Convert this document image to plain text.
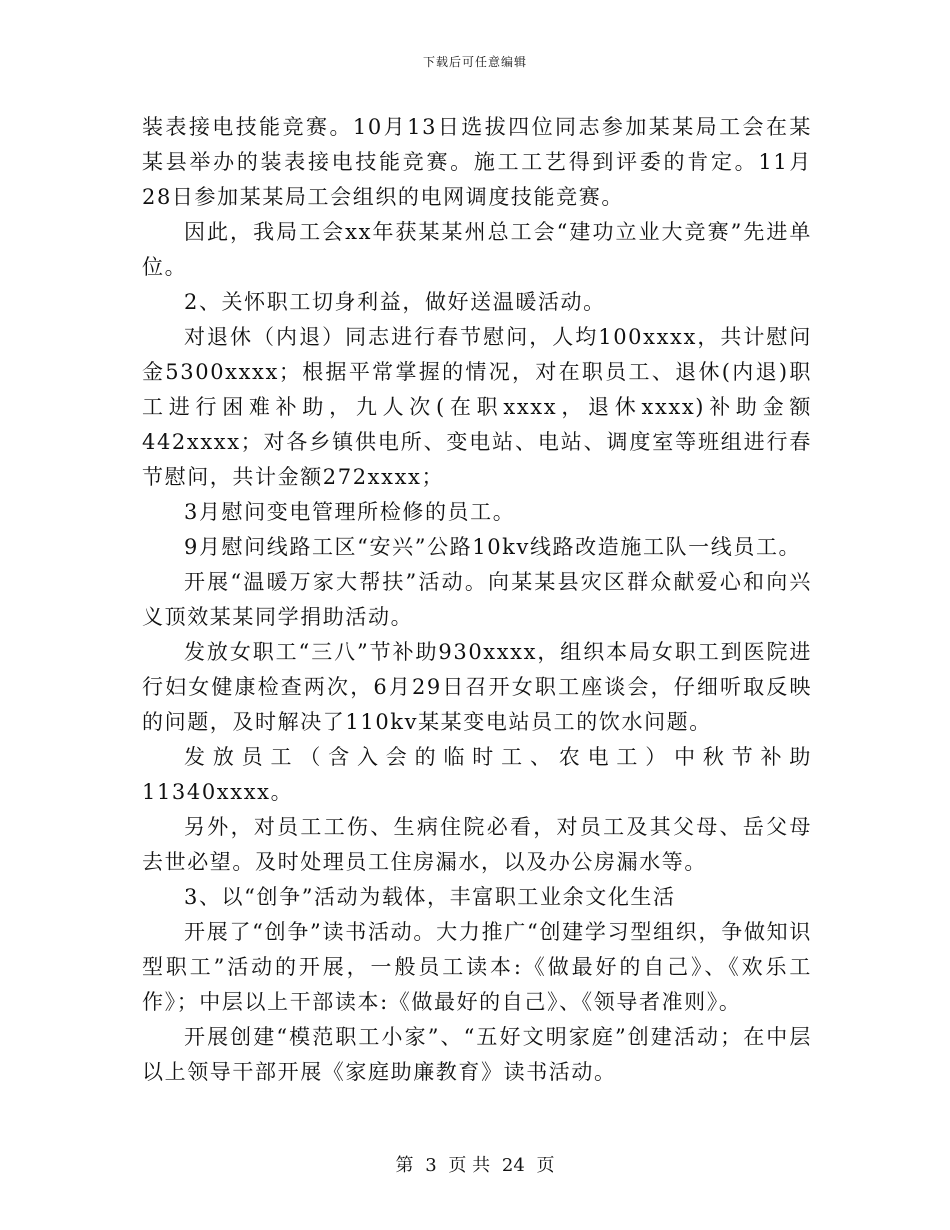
下载后可任意编辑

装表接电技能竞赛。10月13日选拔四位同志参加某某局工会在某某县举办的装表接电技能竞赛。施工工艺得到评委的肯定。11月28日参加某某局工会组织的电网调度技能竞赛。

因此，我局工会xx年获某某州总工会“建功立业大竞赛”先进单位。

2、关怀职工切身利益，做好送温暖活动。

对退休（内退）同志进行春节慰问，人均100xxxx，共计慰问金5300xxxx；根据平常掌握的情况，对在职员工、退休(内退)职工进行困难补助，九人次(在职xxxx，退休xxxx)补助金额442xxxx；对各乡镇供电所、变电站、电站、调度室等班组进行春节慰问，共计金额272xxxx；

3月慰问变电管理所检修的员工。

9月慰问线路工区“安兴”公路10kv线路改造施工队一线员工。

开展“温暖万家大帮扶”活动。向某某县灾区群众献爱心和向兴义顶效某某同学捐助活动。

发放女职工“三八”节补助930xxxx，组织本局女职工到医院进行妇女健康检查两次，6月29日召开女职工座谈会，仔细听取反映的问题，及时解决了110kv某某变电站员工的饮水问题。

发放员工（含入会的临时工、农电工）中秋节补助11340xxxx。

另外，对员工工伤、生病住院必看，对员工及其父母、岳父母去世必望。及时处理员工住房漏水，以及办公房漏水等。

3、以“创争”活动为载体，丰富职工业余文化生活

开展了“创争”读书活动。大力推广“创建学习型组织，争做知识型职工”活动的开展，一般员工读本:《做最好的自己》、《欢乐工作》；中层以上干部读本:《做最好的自己》、《领导者准则》。

开展创建“模范职工小家”、“五好文明家庭”创建活动；在中层以上领导干部开展《家庭助廉教育》读书活动。

第 3 页 共 24 页
